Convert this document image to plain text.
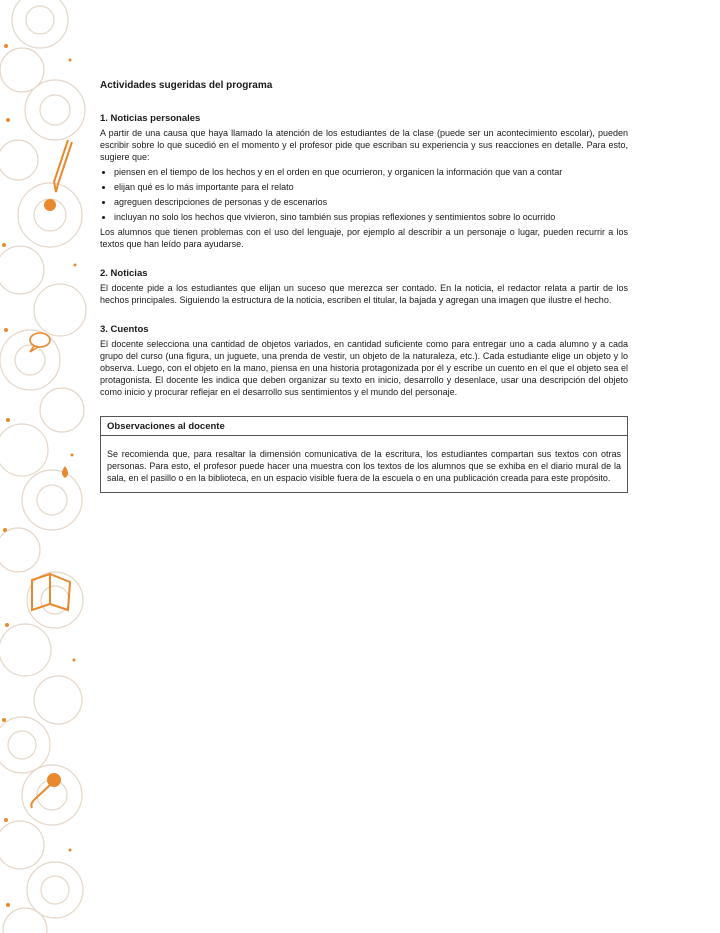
Actividades sugeridas del programa

1. Noticias personales

A partir de una causa que haya llamado la atención de los estudiantes de la clase (puede ser un acontecimiento escolar), pueden escribir sobre lo que sucedió en el momento y el profesor pide que escriban su experiencia y sus reacciones en detalle. Para esto, sugiere que:

• piensen en el tiempo de los hechos y en el orden en que ocurrieron, y organicen la información que van a contar
• elijan qué es lo más importante para el relato
• agreguen descripciones de personas y de escenarios
• incluyan no solo los hechos que vivieron, sino también sus propias reflexiones y sentimientos sobre lo ocurrido

Los alumnos que tienen problemas con el uso del lenguaje, por ejemplo al describir a un personaje o lugar, pueden recurrir a los textos que han leído para ayudarse.

2. Noticias

El docente pide a los estudiantes que elijan un suceso que merezca ser contado. En la noticia, el redactor relata a partir de los hechos principales. Siguiendo la estructura de la noticia, escriben el titular, la bajada y agregan una imagen que ilustre el hecho.

3. Cuentos

El docente selecciona una cantidad de objetos variados, en cantidad suficiente como para entregar uno a cada alumno y a cada grupo del curso (una figura, un juguete, una prenda de vestir, un objeto de la naturaleza, etc.). Cada estudiante elige un objeto y lo observa. Luego, con el objeto en la mano, piensa en una historia protagonizada por él y escribe un cuento en el que el objeto sea el protagonista. El docente les indica que deben organizar su texto en inicio, desarrollo y desenlace, usar una descripción del objeto como inicio y procurar reflejar en el desarrollo sus sentimientos y el mundo del personaje.

Observaciones al docente

Se recomienda que, para resaltar la dimensión comunicativa de la escritura, los estudiantes compartan sus textos con otras personas. Para esto, el profesor puede hacer una muestra con los textos de los alumnos que se exhiba en el diario mural de la sala, en el pasillo o en la biblioteca, en un espacio visible fuera de la escuela o en una publicación creada para este propósito.
